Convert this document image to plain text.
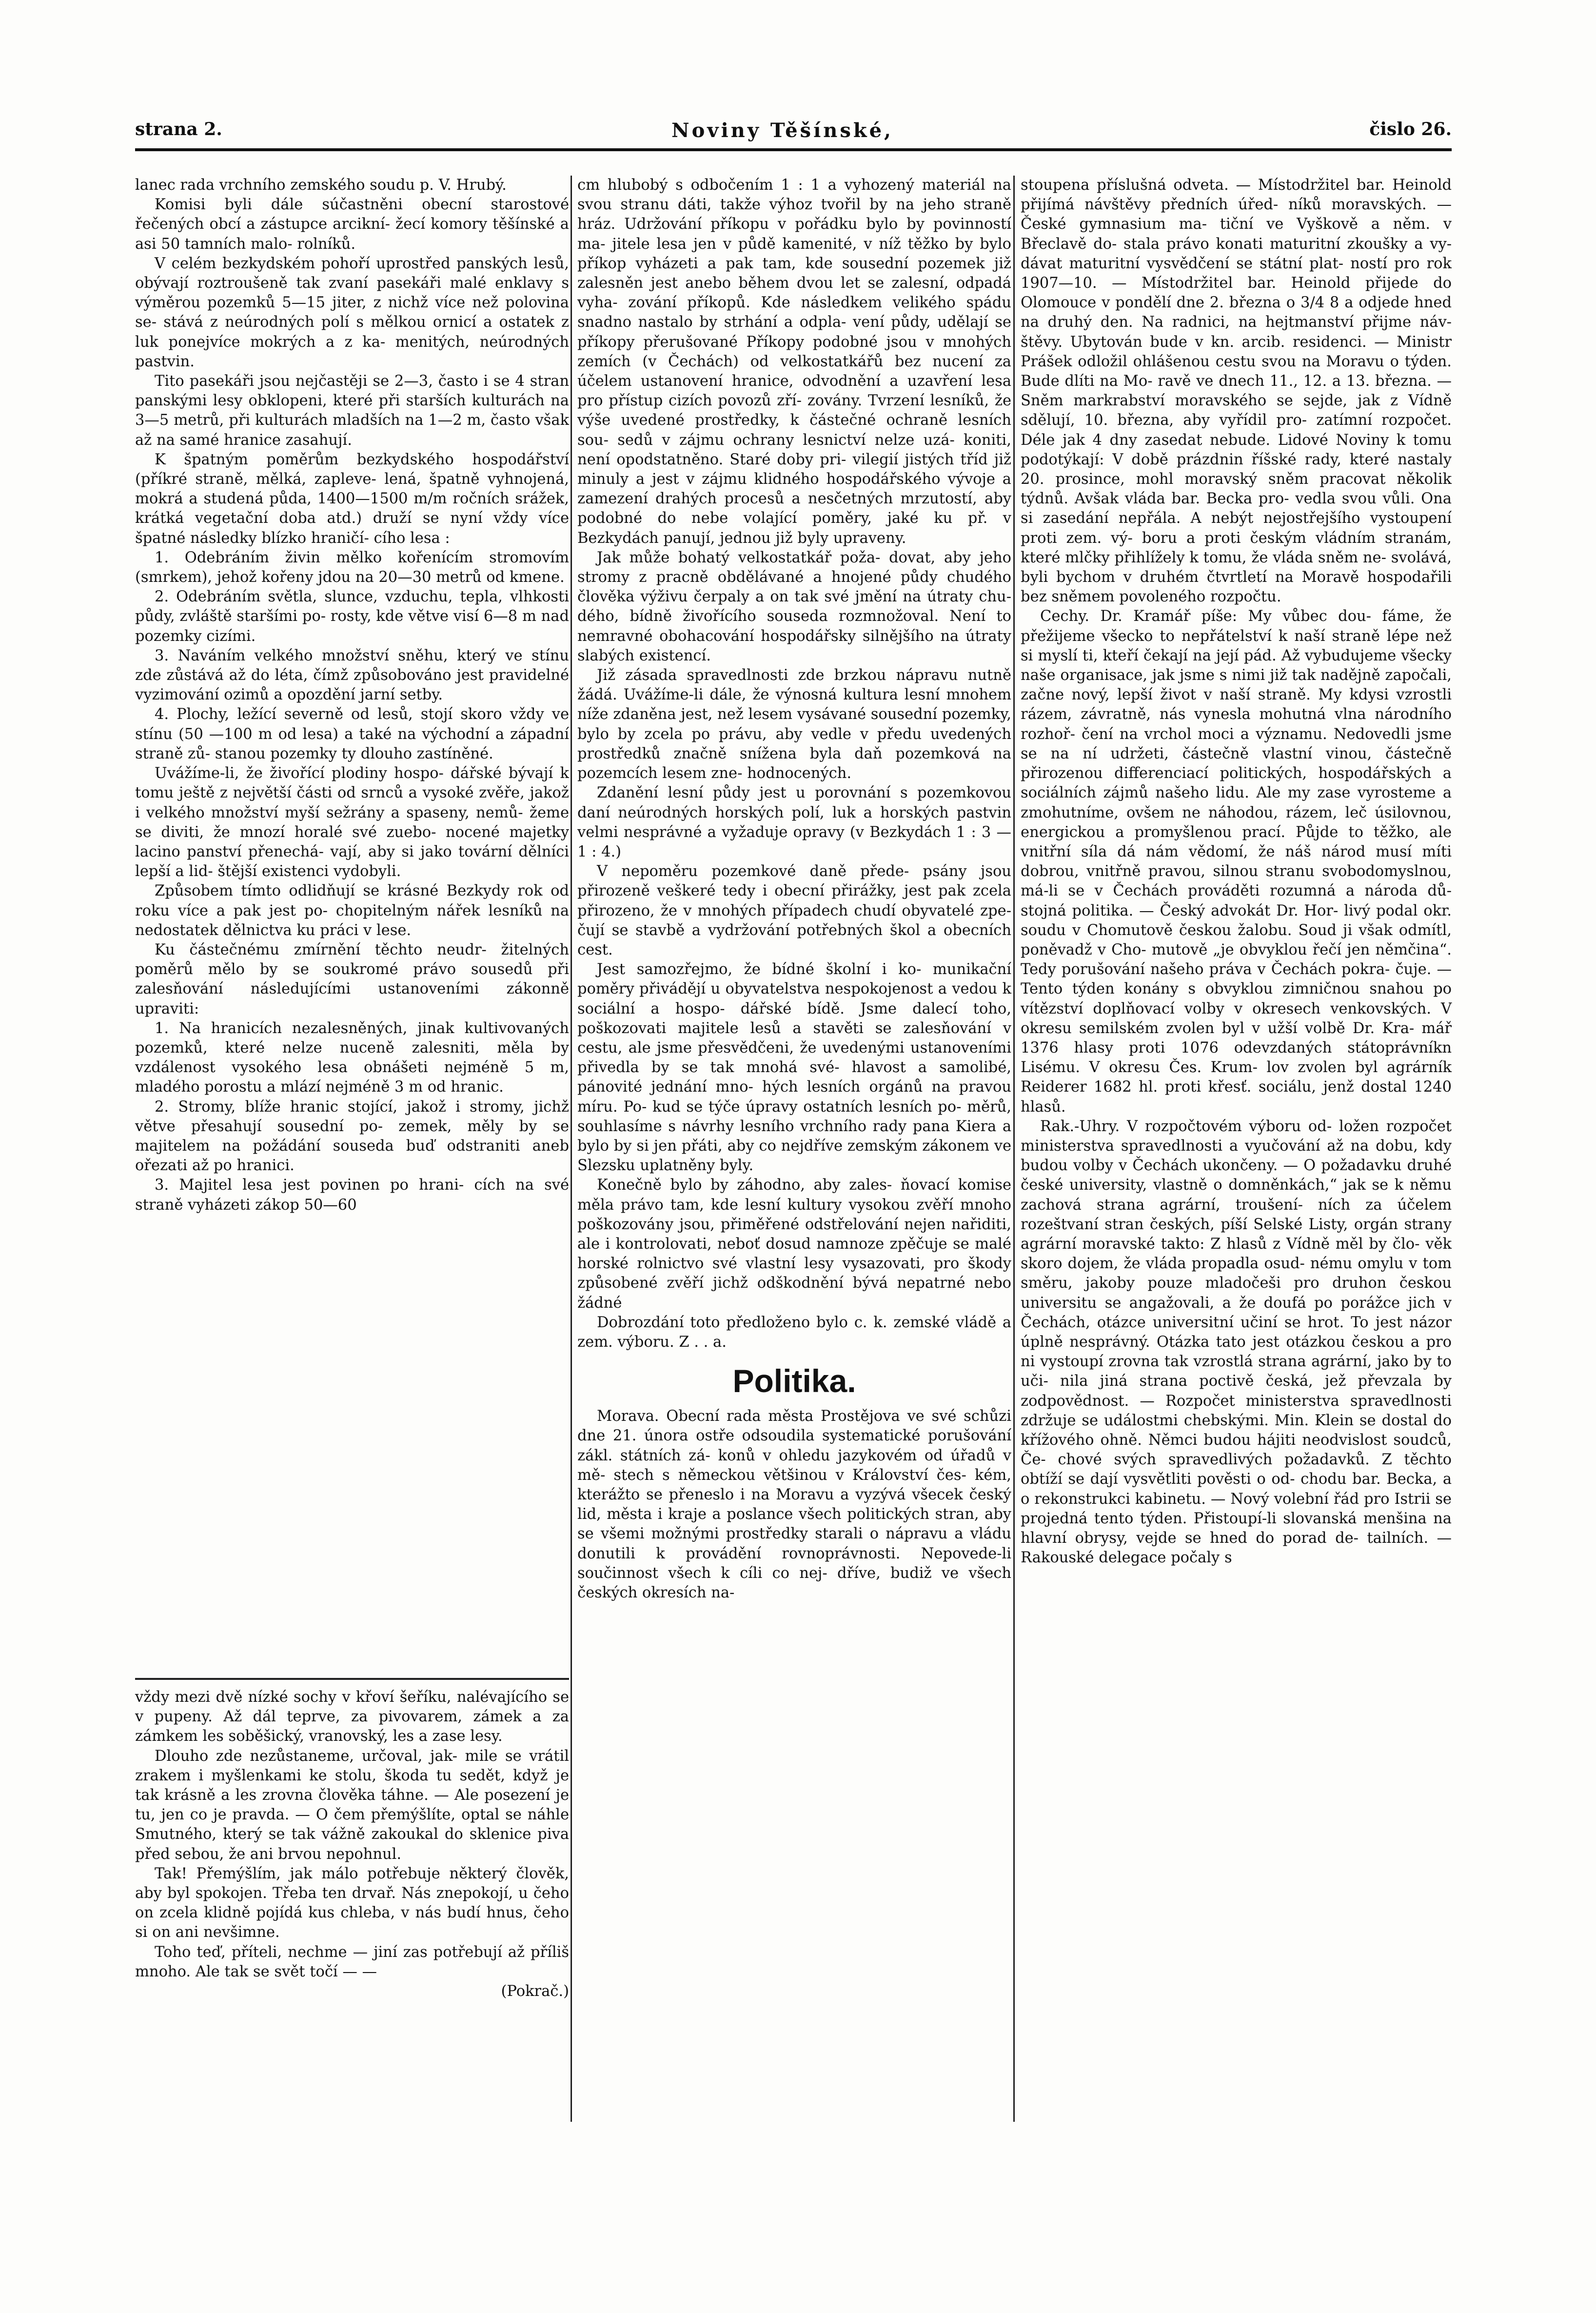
strana 2.	Noviny Těšínské,	čislo 26.

lanec rada vrchního zemského soudu p. V. Hrubý.

Komisi byli dále súčastněni obecní starostové řečených obcí a zástupce arcikní- žecí komory těšínské a asi 50 tamních malo- rolníků.

V celém bezkydském pohoří uprostřed panských lesů, obývají roztroušeně tak zvaní pasekáři malé enklavy s výměrou pozemků 5—15 jiter, z nichž více než polovina se- stává z neúrodných polí s mělkou ornicí a ostatek z luk ponejvíce mokrých a z ka- menitých, neúrodných pastvin.

Tito pasekáři jsou nejčastěji se 2—3, často i se 4 stran panskými lesy obklopeni, které při starších kulturách na 3—5 metrů, při kulturách mladších na 1—2 m, často však až na samé hranice zasahují.

K špatným poměrům bezkydského hospodářství (příkré straně, mělká, zapleve- lená, špatně vyhnojená, mokrá a studená půda, 1400—1500 m/m ročních srážek, krátká vegetační doba atd.) druží se nyní vždy více špatné následky blízko hraničí- cího lesa :

1. Odebráním živin mělko kořenícím stromovím (smrkem), jehož kořeny jdou na 20—30 metrů od kmene.

2. Odebráním světla, slunce, vzduchu, tepla, vlhkosti půdy, zvláště staršími po- rosty, kde větve visí 6—8 m nad pozemky cizími.

3. Naváním velkého množství sněhu, který ve stínu zde zůstává až do léta, čímž způsobováno jest pravidelné vyzimování ozimů a opozdění jarní setby.

4. Plochy, ležící severně od lesů, stojí skoro vždy ve stínu (50 —100 m od lesa) a také na východní a západní straně zů- stanou pozemky ty dlouho zastíněné.

Uvážíme-li, že živořící plodiny hospo- dářské bývají k tomu ještě z největší části od srnců a vysoké zvěře, jakož i velkého množství myší sežrány a spaseny, nemů- žeme se diviti, že mnozí horalé své zuebo- nocené majetky lacino panství přenechá- vají, aby si jako tovární dělníci lepší a lid- štější existenci vydobyli.

Způsobem tímto odlidňují se krásné Bezkydy rok od roku více a pak jest po- chopitelným nářek lesníků na nedostatek dělnictva ku práci v lese.

Ku částečnému zmírnění těchto neudr- žitelných poměrů mělo by se soukromé právo sousedů při zalesňování následujícími ustanoveními zákonně upraviti:

1. Na hranicích nezalesněných, jinak kultivovaných pozemků, které nelze nuceně zalesniti, měla by vzdálenost vysokého lesa obnášeti nejméně 5 m, mladého porostu a mlází nejméně 3 m od hranic.

2. Stromy, blíže hranic stojící, jakož i stromy, jichž větve přesahují sousední po- zemek, měly by se majitelem na požádání souseda buď odstraniti aneb ořezati až po hranici.

3. Majitel lesa jest povinen po hrani- cích na své straně vyházeti zákop 50—60

vždy mezi dvě nízké sochy v křoví šeříku, nalévajícího se v pupeny. Až dál teprve, za pivovarem, zámek a za zámkem les soběšický, vranovský, les a zase lesy.

Dlouho zde nezůstaneme, určoval, jak- mile se vrátil zrakem i myšlenkami ke stolu, škoda tu sedět, když je tak krásně a les zrovna člověka táhne. — Ale posezení je tu, jen co je pravda. — O čem přemýšlíte, optal se náhle Smutného, který se tak vážně zakoukal do sklenice piva před sebou, že ani brvou nepohnul.

Tak! Přemýšlím, jak málo potřebuje některý člověk, aby byl spokojen. Třeba ten drvař. Nás znepokojí, u čeho on zcela klidně pojídá kus chleba, v nás budí hnus, čeho si on ani nevšimne.

Toho teď, příteli, nechme — jiní zas potřebují až příliš mnoho. Ale tak se svět točí — —

(Pokrač.)

cm hlubobý s odbočením 1 : 1 a vyhozený materiál na svou stranu dáti, takže výhoz tvořil by na jeho straně hráz. Udržování příkopu v pořádku bylo by povinností ma- jitele lesa jen v půdě kamenité, v níž těžko by bylo příkop vyházeti a pak tam, kde sousední pozemek již zalesněn jest anebo během dvou let se zalesní, odpadá vyha- zování příkopů. Kde následkem velikého spádu snadno nastalo by strhání a odpla- vení půdy, udělají se příkopy přerušované Příkopy podobné jsou v mnohých zemích (v Čechách) od velkostatkářů bez nucení za účelem ustanovení hranice, odvodnění a uzavření lesa pro přístup cizích povozů zří- zovány. Tvrzení lesníků, že výše uvedené prostředky, k částečné ochraně lesních sou- sedů v zájmu ochrany lesnictví nelze uzá- koniti, není opodstatněno. Staré doby pri- vilegií jistých tříd již minuly a jest v zájmu klidného hospodářského vývoje a zamezení drahých procesů a nesčetných mrzutostí, aby podobné do nebe volající poměry, jaké ku př. v Bezkydách panují, jednou již byly upraveny.

Jak může bohatý velkostatkář poža- dovat, aby jeho stromy z pracně obdělávané a hnojené půdy chudého člověka výživu čerpaly a on tak své jmění na útraty chu- dého, bídně živořícího souseda rozmnožoval. Není to nemravné obohacování hospodářsky silnějšího na útraty slabých existencí.

Již zásada spravedlnosti zde brzkou nápravu nutně žádá. Uvážíme-li dále, že výnosná kultura lesní mnohem níže zdaněna jest, než lesem vysávané sousední pozemky, bylo by zcela po právu, aby vedle v předu uvedených prostředků značně snížena byla daň pozemková na pozemcích lesem zne- hodnocených.

Zdanění lesní půdy jest u porovnání s pozemkovou daní neúrodných horských polí, luk a horských pastvin velmi nesprávné a vyžaduje opravy (v Bezkydách 1 : 3 — 1 : 4.)

V nepoměru pozemkové daně přede- psány jsou přirozeně veškeré tedy i obecní přirážky, jest pak zcela přirozeno, že v mnohých případech chudí obyvatelé zpe- čují se stavbě a vydržování potřebných škol a obecních cest.

Jest samozřejmo, že bídné školní i ko- munikační poměry přivádějí u obyvatelstva nespokojenost a vedou k sociální a hospo- dářské bídě. Jsme dalecí toho, poškozovati majitele lesů a stavěti se zalesňování v cestu, ale jsme přesvědčeni, že uvedenými ustanoveními přivedla by se tak mnohá své- hlavost a samolibé, pánovité jednání mno- hých lesních orgánů na pravou míru. Po- kud se týče úpravy ostatních lesních po- měrů, souhlasíme s návrhy lesního vrchního rady pana Kiera a bylo by si jen přáti, aby co nejdříve zemským zákonem ve Slezsku uplatněny byly.

Konečně bylo by záhodno, aby zales- ňovací komise měla právo tam, kde lesní kultury vysokou zvěří mnoho poškozovány jsou, přiměřené odstřelování nejen nařiditi, ale i kontrolovati, neboť dosud namnoze zpěčuje se malé horské rolnictvo své vlastní lesy vysazovati, pro škody způsobené zvěří jichž odškodnění bývá nepatrné nebo žádné

Dobrozdání toto předloženo bylo c. k. zemské vládě a zem. výboru. Z . . a.

Politika.

Morava. Obecní rada města Prostějova ve své schůzi dne 21. února ostře odsoudila systematické porušování zákl. státních zá- konů v ohledu jazykovém od úřadů v mě- stech s německou většinou v Království čes- kém, kterážto se přeneslo i na Moravu a vyzývá všecek český lid, města i kraje a poslance všech politických stran, aby se všemi možnými prostředky starali o nápravu a vládu donutili k provádění rovnoprávnosti. Nepovede-li součinnost všech k cíli co nej- dříve, budiž ve všech českých okresích na-

stoupena příslušná odveta. — Místodržitel bar. Heinold přijímá návštěvy předních úřed- níků moravských. — České gymnasium ma- tiční ve Vyškově a něm. v Břeclavě do- stala právo konati maturitní zkoušky a vy- dávat maturitní vysvědčení se státní plat- ností pro rok 1907—10. — Místodržitel bar. Heinold přijede do Olomouce v pondělí dne 2. března o 3/4 8 a odjede hned na druhý den. Na radnici, na hejtmanství přijme náv- štěvy. Ubytován bude v kn. arcib. residenci. — Ministr Prášek odložil ohlášenou cestu svou na Moravu o týden. Bude dlíti na Mo- ravě ve dnech 11., 12. a 13. března. — Sněm markrabství moravského se sejde, jak z Vídně sdělují, 10. března, aby vyřídil pro- zatímní rozpočet. Déle jak 4 dny zasedat nebude. Lidové Noviny k tomu podotýkají: V době prázdnin říšské rady, které nastaly 20. prosince, mohl moravský sněm pracovat několik týdnů. Avšak vláda bar. Becka pro- vedla svou vůli. Ona si zasedání nepřála. A nebýt nejostřejšího vystoupení proti zem. vý- boru a proti českým vládním stranám, které mlčky přihlížely k tomu, že vláda sněm ne- svolává, byli bychom v druhém čtvrtletí na Moravě hospodařili bez sněmem povoleného rozpočtu.

Cechy. Dr. Kramář píše: My vůbec dou- fáme, že přežijeme všecko to nepřátelství k naší straně lépe než si myslí ti, kteří čekají na její pád. Až vybudujeme všecky naše organisace, jak jsme s nimi již tak nadějně započali, začne nový, lepší život v naší straně. My kdysi vzrostli rázem, závratně, nás vynesla mohutná vlna národního rozhoř- čení na vrchol moci a významu. Nedovedli jsme se na ní udržeti, částečně vlastní vinou, částečně přirozenou differenciací politických, hospodářských a sociálních zájmů našeho lidu. Ale my zase vyrosteme a zmohutníme, ovšem ne náhodou, rázem, leč úsilovnou, energickou a promyšlenou prací. Půjde to těžko, ale vnitřní síla dá nám vědomí, že náš národ musí míti dobrou, vnitřně pravou, silnou stranu svobodomyslnou, má-li se v Čechách prováděti rozumná a národa dů- stojná politika. — Český advokát Dr. Hor- livý podal okr. soudu v Chomutově českou žalobu. Soud ji však odmítl, poněvadž v Cho- mutově „je obvyklou řečí jen němčina“. Tedy porušování našeho práva v Čechách pokra- čuje. — Tento týden konány s obvyklou zimničnou snahou po vítězství doplňovací volby v okresech venkovských. V okresu semilském zvolen byl v užší volbě Dr. Kra- mář 1376 hlasy proti 1076 odevzdaných státoprávníkn Lisému. V okresu Čes. Krum- lov zvolen byl agrárník Reiderer 1682 hl. proti křesť. sociálu, jenž dostal 1240 hlasů.

Rak.-Uhry. V rozpočtovém výboru od- ložen rozpočet ministerstva spravedlnosti a vyučování až na dobu, kdy budou volby v Čechách ukončeny. — O požadavku druhé české university, vlastně o domněnkách,“ jak se k němu zachová strana agrární, troušení- ních za účelem rozeštvaní stran českých, píší Selské Listy, orgán strany agrární moravské takto: Z hlasů z Vídně měl by člo- věk skoro dojem, že vláda propadla osud- nému omylu v tom směru, jakoby pouze mladočeši pro druhon českou universitu se angažovali, a že doufá po porážce jich v Čechách, otázce universitní učiní se hrot. To jest názor úplně nesprávný. Otázka tato jest otázkou českou a pro ni vystoupí zrovna tak vzrostlá strana agrární, jako by to uči- nila jiná strana poctivě česká, jež převzala by zodpovědnost. — Rozpočet ministerstva spravedlnosti zdržuje se událostmi chebskými. Min. Klein se dostal do křížového ohně. Němci budou hájiti neodvislost soudců, Če- chové svých spravedlivých požadavků. Z těchto obtíží se dají vysvětliti pověsti o od- chodu bar. Becka, a o rekonstrukci kabinetu. — Nový volební řád pro Istrii se projedná tento týden. Přistoupí-li slovanská menšina na hlavní obrysy, vejde se hned do porad de- tailních. — Rakouské delegace počaly s
